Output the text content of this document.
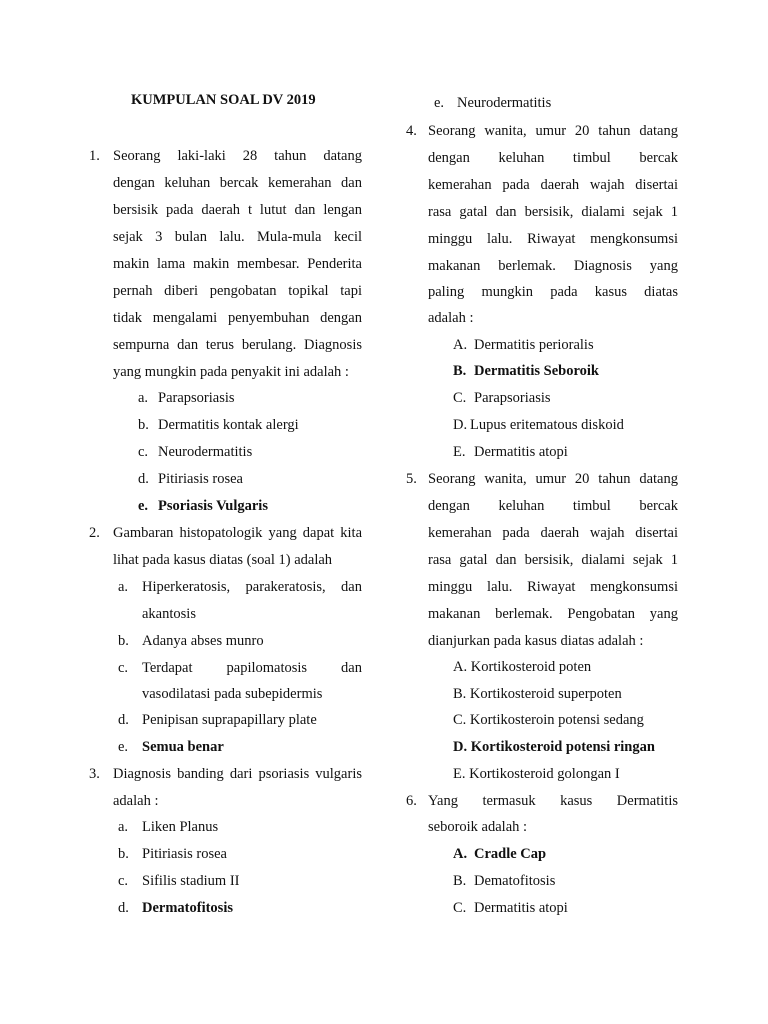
KUMPULAN SOAL DV 2019
1. Seorang laki-laki 28 tahun datang
dengan keluhan bercak kemerahan dan
bersisik pada daerah t lutut dan lengan
sejak 3 bulan lalu. Mula-mula kecil
makin lama makin membesar. Penderita
pernah diberi pengobatan topikal tapi
tidak mengalami penyembuhan dengan
sempurna dan terus berulang. Diagnosis
yang mungkin pada penyakit ini adalah :
a. Parapsoriasis
b. Dermatitis kontak alergi
c. Neurodermatitis
d. Pitiriasis rosea
e. Psoriasis Vulgaris
2. Gambaran histopatologik yang dapat kita
lihat pada kasus diatas (soal 1) adalah
a. Hiperkeratosis, parakeratosis, dan
akantosis
b. Adanya abses munro
c. Terdapat papilomatosis dan
vasodilatasi pada subepidermis
d. Penipisan suprapapillary plate
e. Semua benar
3. Diagnosis banding dari psoriasis vulgaris
adalah :
a. Liken Planus
b. Pitiriasis rosea
c. Sifilis stadium II
d. Dermatofitosis
e. Neurodermatitis
4. Seorang wanita, umur 20 tahun datang
dengan keluhan timbul bercak
kemerahan pada daerah wajah disertai
rasa gatal dan bersisik, dialami sejak 1
minggu lalu. Riwayat mengkonsumsi
makanan berlemak. Diagnosis yang
paling mungkin pada kasus diatas
adalah :
A. Dermatitis perioralis
B. Dermatitis Seboroik
C. Parapsoriasis
D. Lupus eritematous diskoid
E. Dermatitis atopi
5. Seorang wanita, umur 20 tahun datang
dengan keluhan timbul bercak
kemerahan pada daerah wajah disertai
rasa gatal dan bersisik, dialami sejak 1
minggu lalu. Riwayat mengkonsumsi
makanan berlemak. Pengobatan yang
dianjurkan pada kasus diatas adalah :
A. Kortikosteroid poten
B. Kortikosteroid superpoten
C. Kortikosteroin potensi sedang
D. Kortikosteroid potensi ringan
E. Kortikosteroid golongan I
6. Yang termasuk kasus Dermatitis
seboroik adalah :
A. Cradle Cap
B. Dematofitosis
C. Dermatitis atopi
